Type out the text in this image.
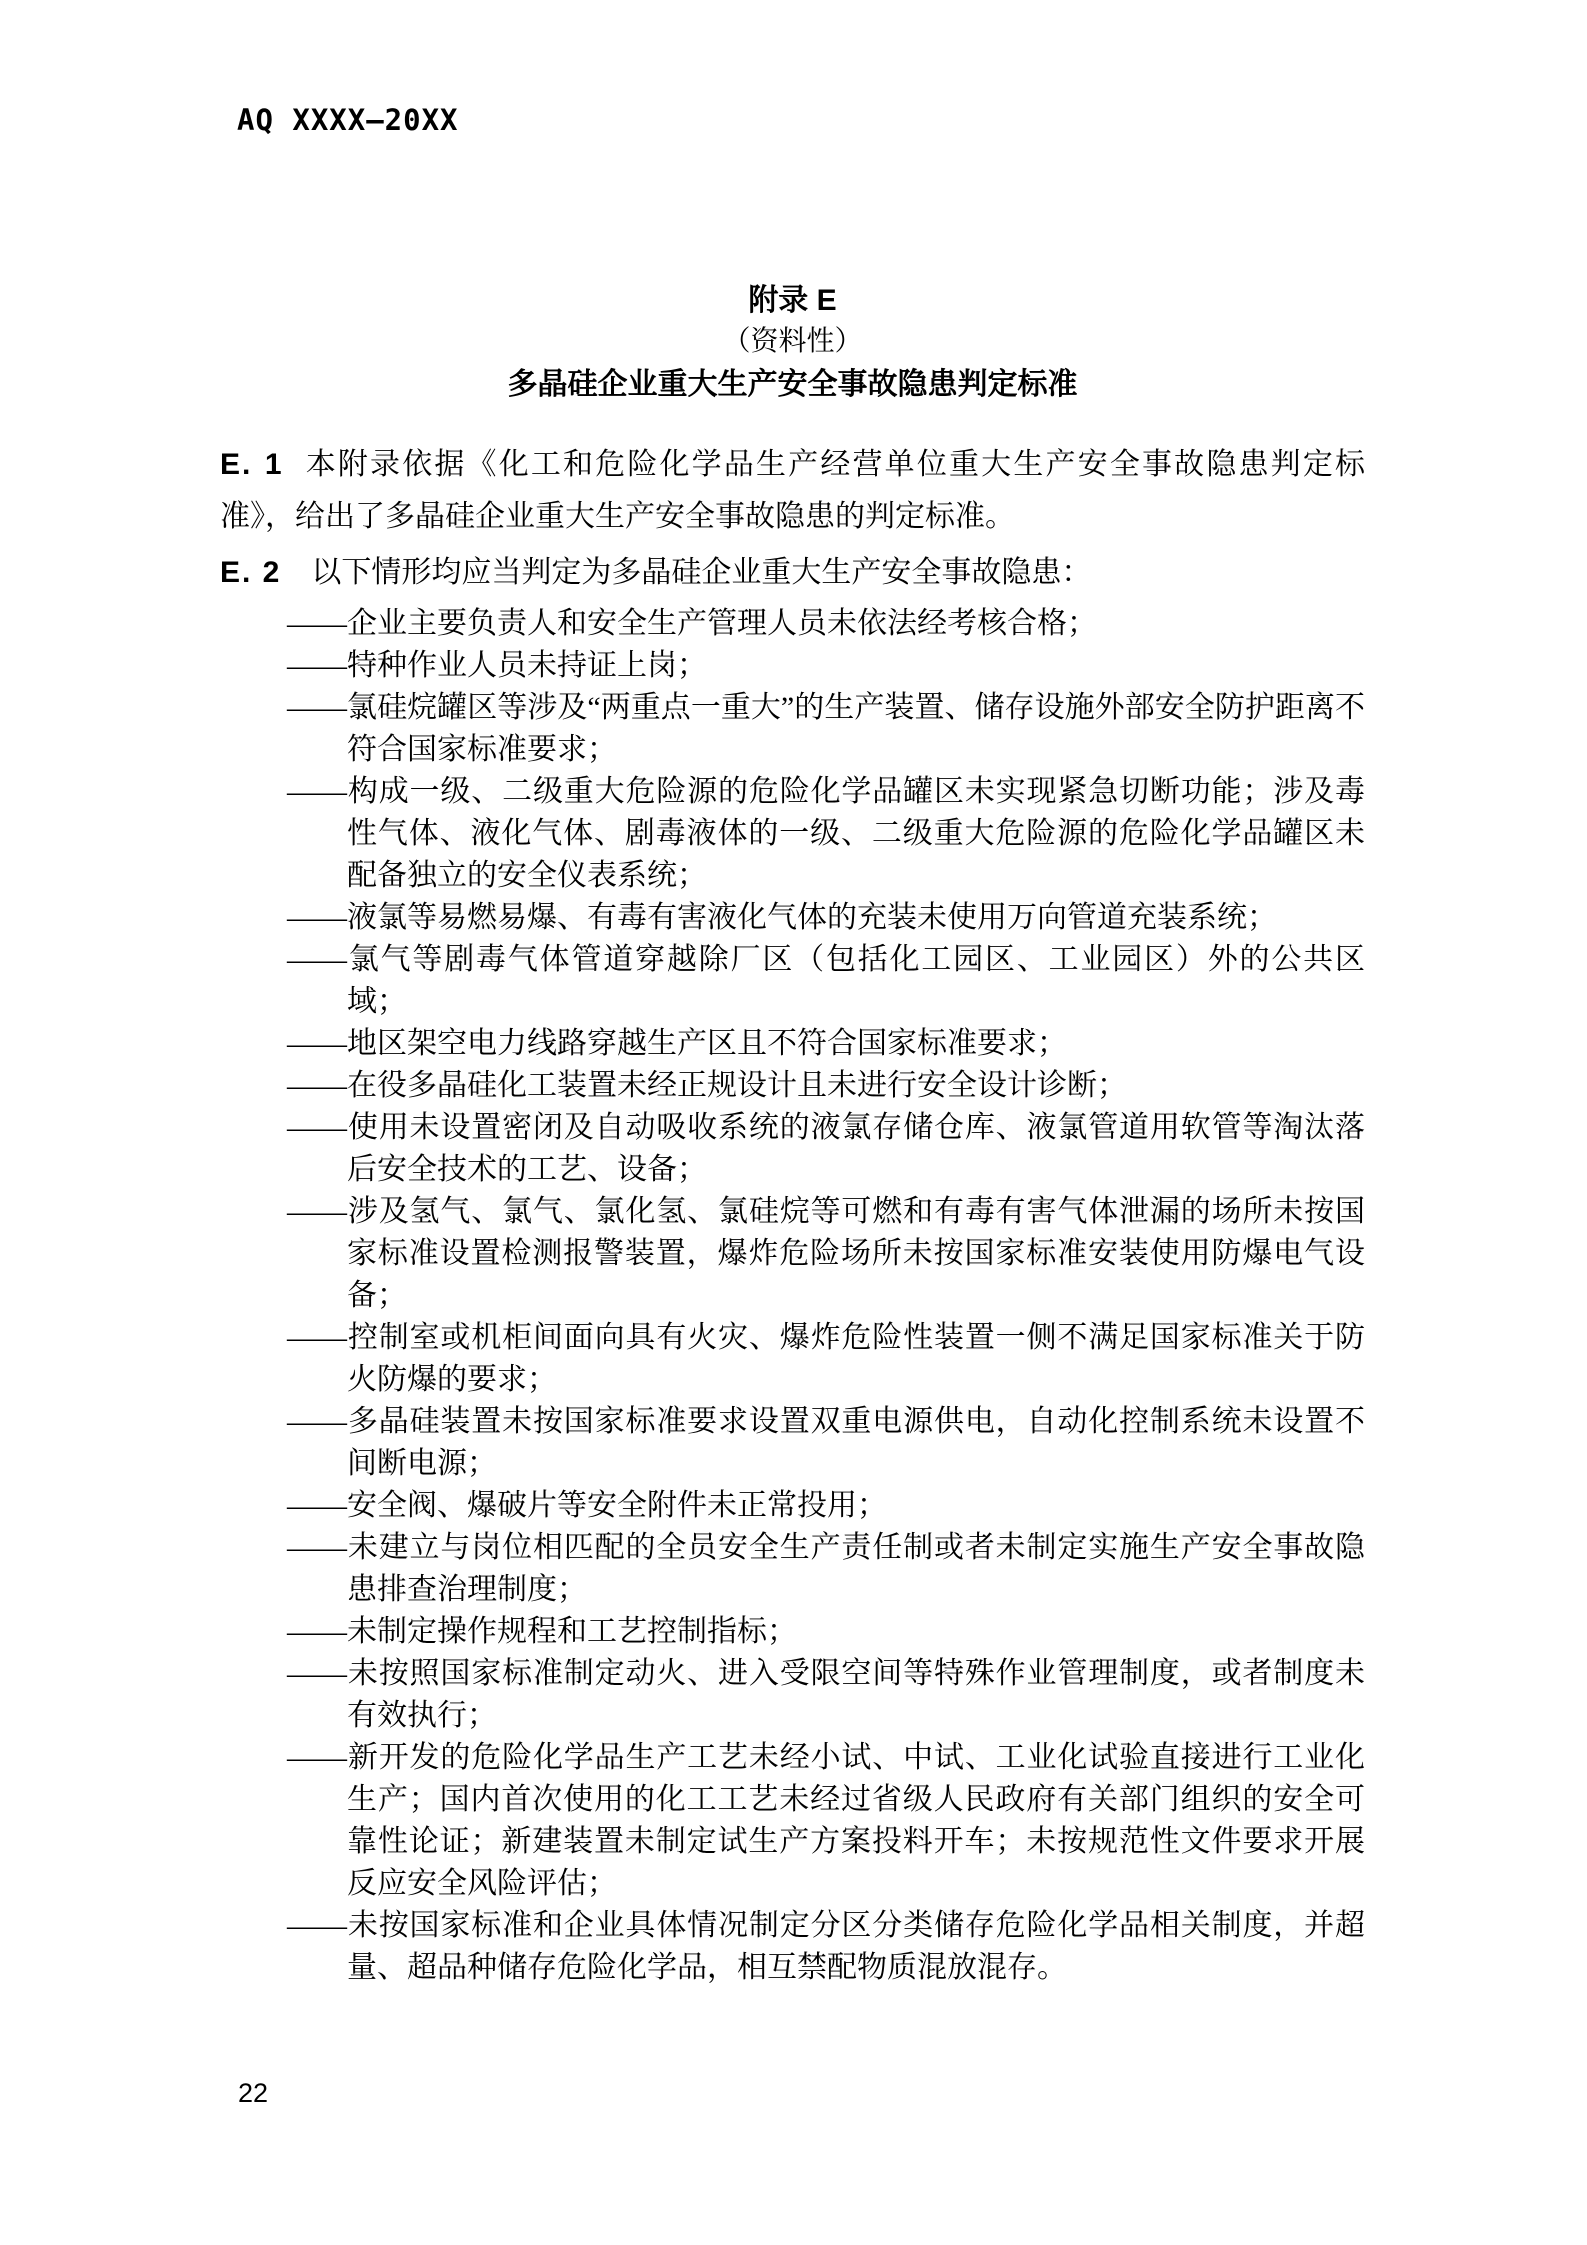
AQ XXXX—20XX
附录 E
（资料性）
多晶硅企业重大生产安全事故隐患判定标准

E. 1 本附录依据《化工和危险化学品生产经营单位重大生产安全事故隐患判定标准》，给出了多晶硅企业重大生产安全事故隐患的判定标准。

E. 2 以下情形均应当判定为多晶硅企业重大生产安全事故隐患：

——企业主要负责人和安全生产管理人员未依法经考核合格；
——特种作业人员未持证上岗；
——氯硅烷罐区等涉及“两重点一重大”的生产装置、储存设施外部安全防护距离不符合国家标准要求；
——构成一级、二级重大危险源的危险化学品罐区未实现紧急切断功能；涉及毒性气体、液化气体、剧毒液体的一级、二级重大危险源的危险化学品罐区未配备独立的安全仪表系统；
——液氯等易燃易爆、有毒有害液化气体的充装未使用万向管道充装系统；
——氯气等剧毒气体管道穿越除厂区（包括化工园区、工业园区）外的公共区域；
——地区架空电力线路穿越生产区且不符合国家标准要求；
——在役多晶硅化工装置未经正规设计且未进行安全设计诊断；
——使用未设置密闭及自动吸收系统的液氯存储仓库、液氯管道用软管等淘汰落后安全技术的工艺、设备；
——涉及氢气、氯气、氯化氢、氯硅烷等可燃和有毒有害气体泄漏的场所未按国家标准设置检测报警装置，爆炸危险场所未按国家标准安装使用防爆电气设备；
——控制室或机柜间面向具有火灾、爆炸危险性装置一侧不满足国家标准关于防火防爆的要求；
——多晶硅装置未按国家标准要求设置双重电源供电，自动化控制系统未设置不间断电源；
——安全阀、爆破片等安全附件未正常投用；
——未建立与岗位相匹配的全员安全生产责任制或者未制定实施生产安全事故隐患排查治理制度；
——未制定操作规程和工艺控制指标；
——未按照国家标准制定动火、进入受限空间等特殊作业管理制度，或者制度未有效执行；
——新开发的危险化学品生产工艺未经小试、中试、工业化试验直接进行工业化生产；国内首次使用的化工工艺未经过省级人民政府有关部门组织的安全可靠性论证；新建装置未制定试生产方案投料开车；未按规范性文件要求开展反应安全风险评估；
——未按国家标准和企业具体情况制定分区分类储存危险化学品相关制度，并超量、超品种储存危险化学品，相互禁配物质混放混存。
22
